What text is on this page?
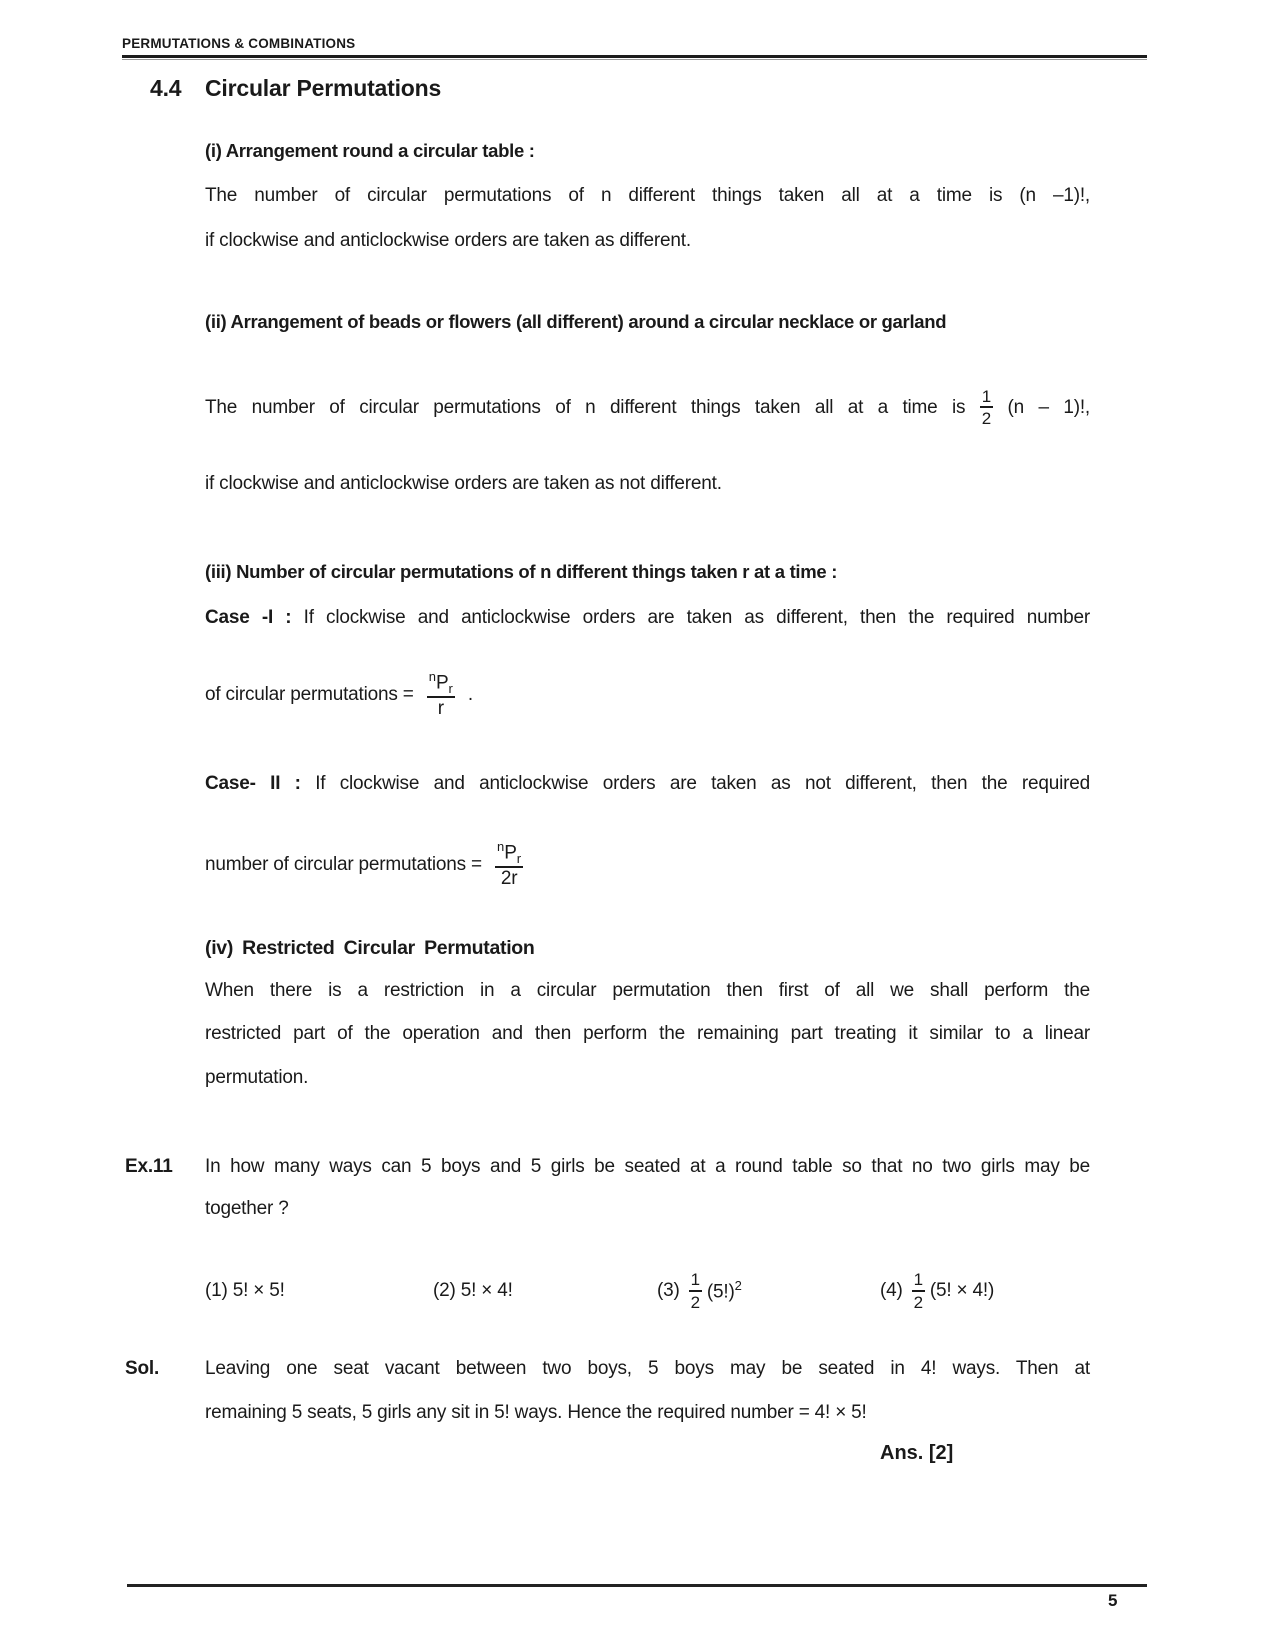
PERMUTATIONS & COMBINATIONS
4.4 Circular Permutations
(i) Arrangement round a circular table :
The number of circular permutations of n different things taken all at a time is (n –1)!,
if clockwise and anticlockwise orders are taken as different.
(ii) Arrangement of beads or flowers (all different) around a circular necklace or garland
The number of circular permutations of n different things taken all at a time is $\frac{1}{2} (n - 1)$!,
if clockwise and anticlockwise orders are taken as not different.
(iii) Number of circular permutations of n different things taken r at a time :
Case -I : If clockwise and anticlockwise orders are taken as different, then the required number
of circular permutations = $\frac{^nP_r}{r}$ .
Case- II : If clockwise and anticlockwise orders are taken as not different, then the required
number of circular permutations = $\frac{^nP_r}{2r}$
(iv) Restricted Circular Permutation
When there is a restriction in a circular permutation then first of all we shall perform the
restricted part of the operation and then perform the remaining part treating it similar to a linear
permutation.
Ex.11 In how many ways can 5 boys and 5 girls be seated at a round table so that no two girls may be
together ?
(1) 5! × 5!	(2) 5! × 4!	$(3) \frac{1}{2} (5!)^2$	$(4) \frac{1}{2} (5$! × 4!)
Sol. Leaving one seat vacant between two boys, 5 boys may be seated in 4! ways. Then at
remaining 5 seats, 5 girls any sit in 5! ways. Hence the required number = 4! × 5!
Ans. [2]
5
